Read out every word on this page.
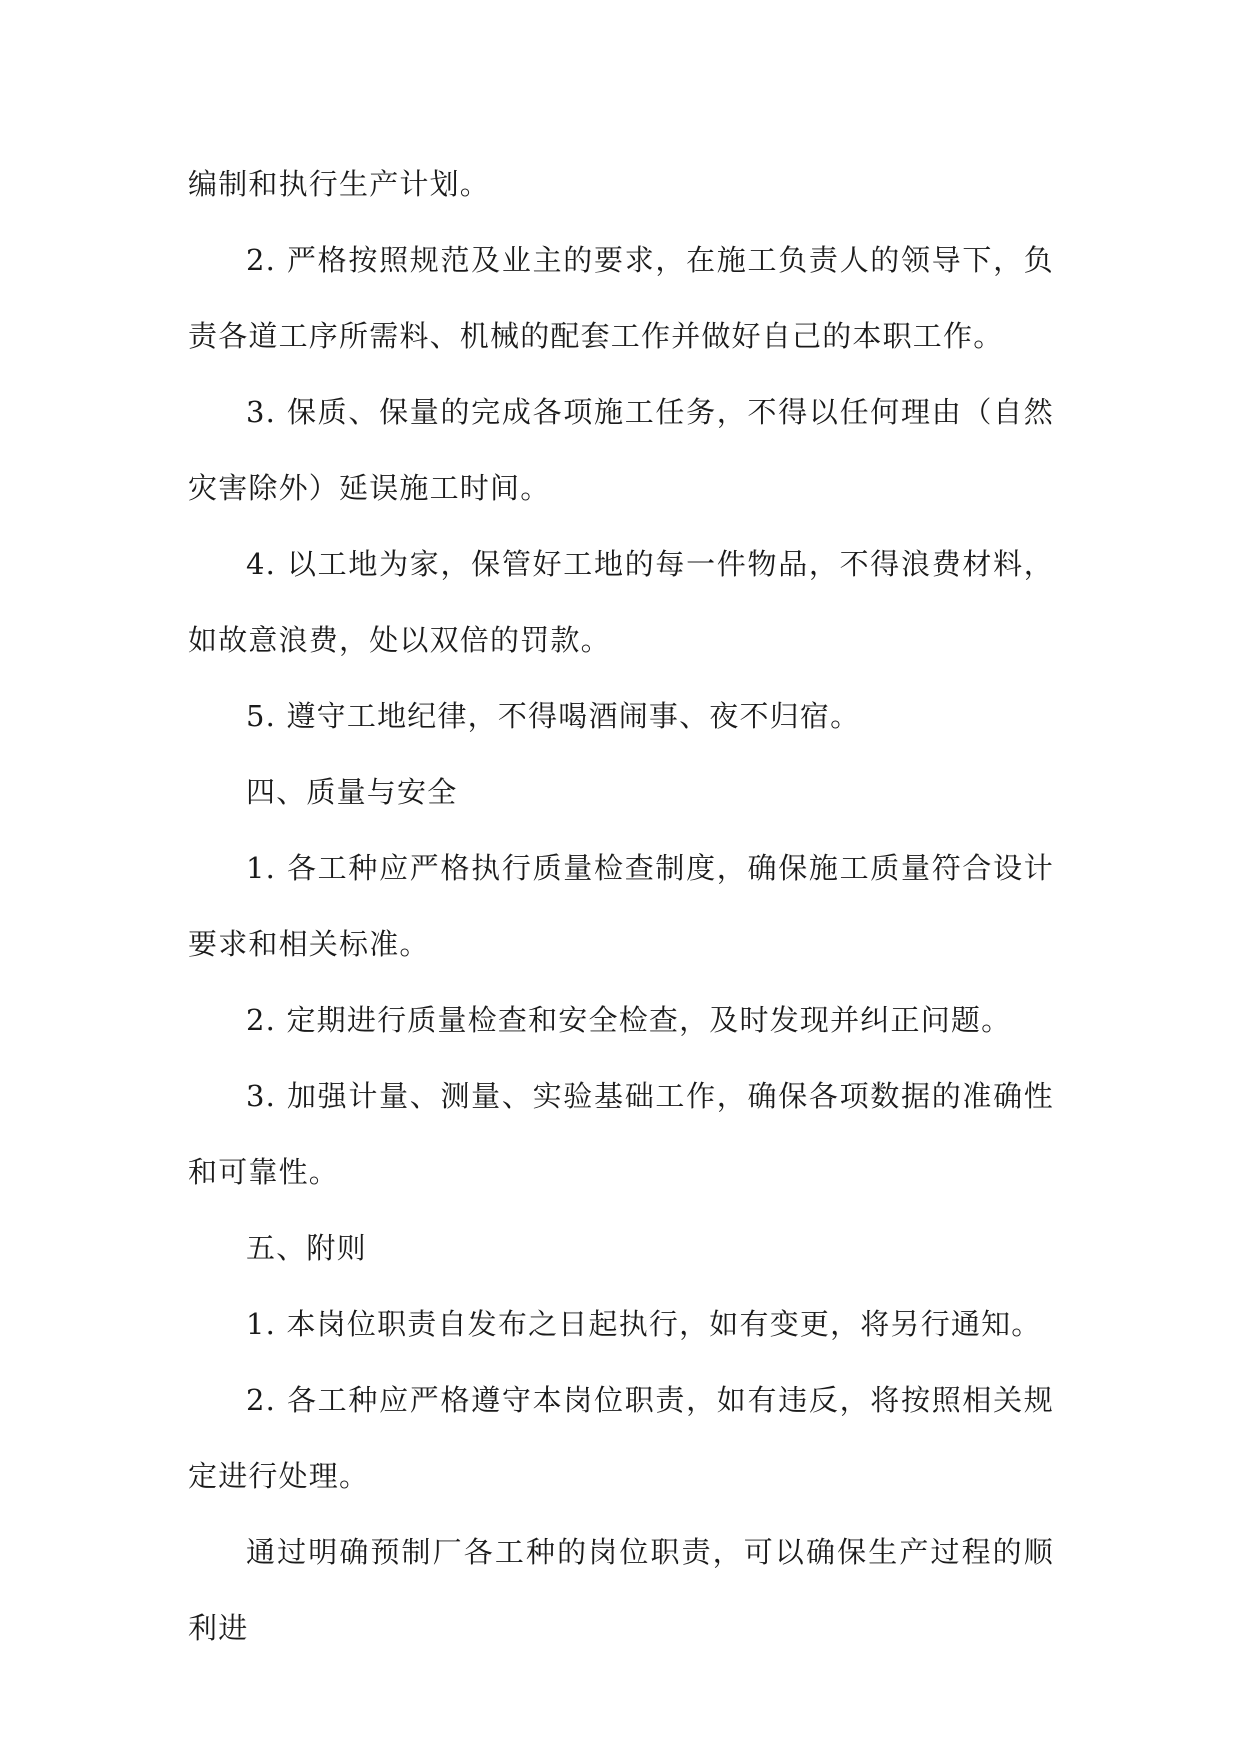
编制和执行生产计划。

2. 严格按照规范及业主的要求，在施工负责人的领导下，负责各道工序所需料、机械的配套工作并做好自己的本职工作。

3. 保质、保量的完成各项施工任务，不得以任何理由（自然灾害除外）延误施工时间。

4. 以工地为家，保管好工地的每一件物品，不得浪费材料，如故意浪费，处以双倍的罚款。

5. 遵守工地纪律，不得喝酒闹事、夜不归宿。

四、质量与安全

1. 各工种应严格执行质量检查制度，确保施工质量符合设计要求和相关标准。

2. 定期进行质量检查和安全检查，及时发现并纠正问题。

3. 加强计量、测量、实验基础工作，确保各项数据的准确性和可靠性。

五、附则

1. 本岗位职责自发布之日起执行，如有变更，将另行通知。

2. 各工种应严格遵守本岗位职责，如有违反，将按照相关规定进行处理。

通过明确预制厂各工种的岗位职责，可以确保生产过程的顺利进
